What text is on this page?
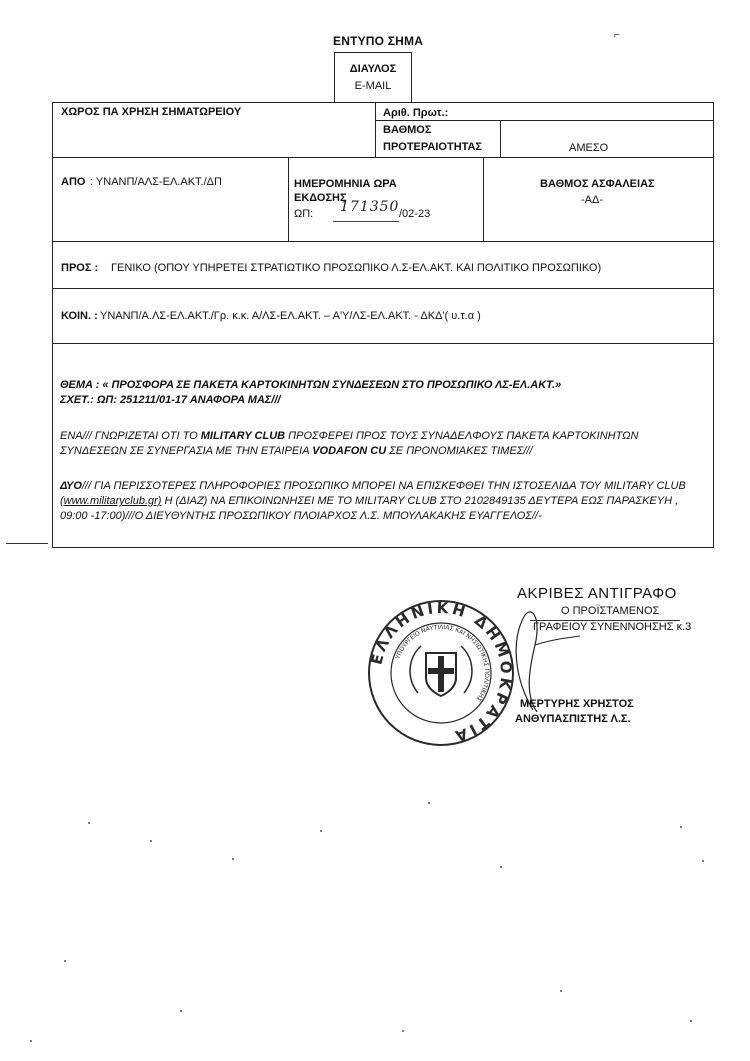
ΕΝΤΥΠΟ ΣΗΜΑ
ΔΙΑΥΛΟΣ
E-MAIL
⌐
ΧΩΡΟΣ ΠΑ ΧΡΗΣΗ ΣΗΜΑΤΩΡΕΙΟΥ	Αριθ. Πρωτ.:
ΒΑΘΜΟΣ
ΠΡΟΤΕΡΑΙΟΤΗΤΑΣ	ΑΜΕΣΟ
ΑΠΟ : ΥΝΑΝΠ/ΑΛΣ-ΕΛ.ΑΚΤ./ΔΠ	ΗΜΕΡΟΜΗΝΙΑ ΩΡΑ
ΕΚΔΟΣΗΣ
ΩΠ: 171350 /02-23
ΒΑΘΜΟΣ ΑΣΦΑΛΕΙΑΣ
-ΑΔ-
ΠΡΟΣ : ΓΕΝΙΚΟ (ΟΠΟΥ ΥΠΗΡΕΤΕΙ ΣΤΡΑΤΙΩΤΙΚΟ ΠΡΟΣΩΠΙΚΟ Λ.Σ-ΕΛ.ΑΚΤ. ΚΑΙ ΠΟΛΙΤΙΚΟ ΠΡΟΣΩΠΙΚΟ)
ΚΟΙΝ. : ΥΝΑΝΠ/Α.ΛΣ-ΕΛ.ΑΚΤ./Γρ. κ.κ. Α/ΛΣ-ΕΛ.ΑΚΤ. – Α'Υ/ΛΣ-ΕΛ.ΑΚΤ. - ΔΚΔ'( υ.τ.α )
ΘΕΜΑ : « ΠΡΟΣΦΟΡΑ ΣΕ ΠΑΚΕΤΑ ΚΑΡΤΟΚΙΝΗΤΩΝ ΣΥΝΔΕΣΕΩΝ ΣΤΟ ΠΡΟΣΩΠΙΚΟ ΛΣ-ΕΛ.ΑΚΤ.»
ΣΧΕΤ.: ΩΠ: 251211/01-17 ΑΝΑΦΟΡΑ ΜΑΣ///
ΕΝΑ/// ΓΝΩΡΙΖΕΤΑΙ ΟΤΙ ΤΟ MILITARY CLUB ΠΡΟΣΦΕΡΕΙ ΠΡΟΣ ΤΟΥΣ ΣΥΝΑΔΕΛΦΟΥΣ ΠΑΚΕΤΑ ΚΑΡΤΟΚΙΝΗΤΩΝ ΣΥΝΔΕΣΕΩΝ ΣΕ ΣΥΝΕΡΓΑΣΙΑ ΜΕ ΤΗΝ ΕΤΑΙΡΕΙΑ VODAFON CU ΣΕ ΠΡΟΝΟΜΙΑΚΕΣ ΤΙΜΕΣ///
ΔΥΟ/// ΓΙΑ ΠΕΡΙΣΣΟΤΕΡΕΣ ΠΛΗΡΟΦΟΡΙΕΣ ΠΡΟΣΩΠΙΚΟ ΜΠΟΡΕΙ ΝΑ ΕΠΙΣΚΕΦΘΕΙ ΤΗΝ ΙΣΤΟΣΕΛΙΔΑ ΤΟΥ MILITARY CLUB (www.militaryclub.gr) Η (ΔΙΑΖ) ΝΑ ΕΠΙΚΟΙΝΩΝΗΣΕΙ ΜΕ ΤΟ MILITARY CLUB ΣΤΟ 2102849135 ΔΕΥΤΕΡΑ ΕΩΣ ΠΑΡΑΣΚΕΥΗ , 09:00 -17:00)///Ο ΔΙΕΥΘΥΝΤΗΣ ΠΡΟΣΩΠΙΚΟΥ ΠΛΟΙΑΡΧΟΣ Λ.Σ. ΜΠΟΥΛΑΚΑΚΗΣ ΕΥΑΓΓΕΛΟΣ//-
ΑΚΡΙΒΕΣ ΑΝΤΙΓΡΑΦΟ
Ο ΠΡΟΪΣΤΑΜΕΝΟΣ
ΓΡΑΦΕΙΟΥ ΣΥΝΕΝΝΟΗΣΗΣ κ.3
ΜΕΡΤΥΡΗΣ ΧΡΗΣΤΟΣ
ΑΝΘΥΠΑΣΠΙΣΤΗΣ Λ.Σ.
ΕΛΛΗΝΙΚΗ ΔΗΜΟΚΡΑΤΙΑ
ΥΠΟΥΡΓΕΙΟ ΝΑΥΤΙΛΙΑΣ ΚΑΙ ΝΗΣΙΩΤΙΚΗΣ ΠΟΛΙΤΙΚΗΣ
